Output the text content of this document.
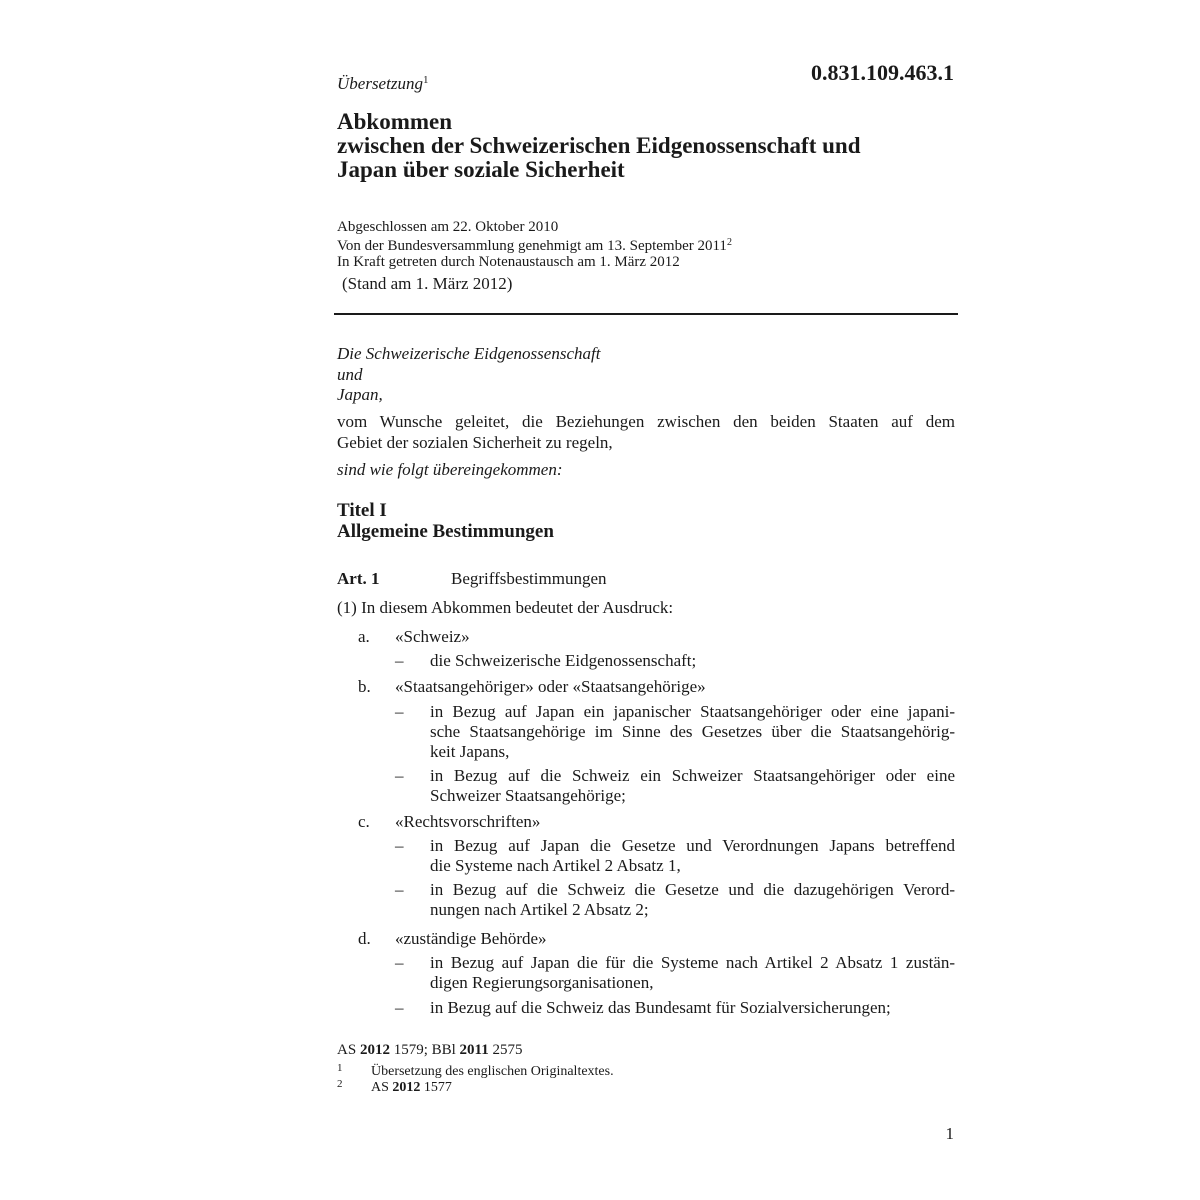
Übersetzung$^1$	0.831.109.463.1
Abkommen
zwischen der Schweizerischen Eidgenossenschaft und
Japan über soziale Sicherheit
Abgeschlossen am 22. Oktober 2010
Von der Bundesversammlung genehmigt am 13. September 2011$^2$
In Kraft getreten durch Notenaustausch am 1. März 2012
(Stand am 1. März 2012)
Die Schweizerische Eidgenossenschaft
und
Japan,
vom Wunsche geleitet, die Beziehungen zwischen den beiden Staaten auf dem
Gebiet der sozialen Sicherheit zu regeln,
sind wie folgt übereingekommen:
Titel I
Allgemeine Bestimmungen
Art. 1	Begriffsbestimmungen
(1) In diesem Abkommen bedeutet der Ausdruck:
a. «Schweiz»
– die Schweizerische Eidgenossenschaft;
b. «Staatsangehöriger» oder «Staatsangehörige»
– in Bezug auf Japan ein japanischer Staatsangehöriger oder eine japani-
sche Staatsangehörige im Sinne des Gesetzes über die Staatsangehörig-
keit Japans,
– in Bezug auf die Schweiz ein Schweizer Staatsangehöriger oder eine
Schweizer Staatsangehörige;
c. «Rechtsvorschriften»
– in Bezug auf Japan die Gesetze und Verordnungen Japans betreffend
die Systeme nach Artikel 2 Absatz 1,
– in Bezug auf die Schweiz die Gesetze und die dazugehörigen Verord-
nungen nach Artikel 2 Absatz 2;
d. «zuständige Behörde»
– in Bezug auf Japan die für die Systeme nach Artikel 2 Absatz 1 zustän-
digen Regierungsorganisationen,
– in Bezug auf die Schweiz das Bundesamt für Sozialversicherungen;
AS 2012 1579; BBl 2011 2575
1 Übersetzung des englischen Originaltextes.
2 AS 2012 1577
1
